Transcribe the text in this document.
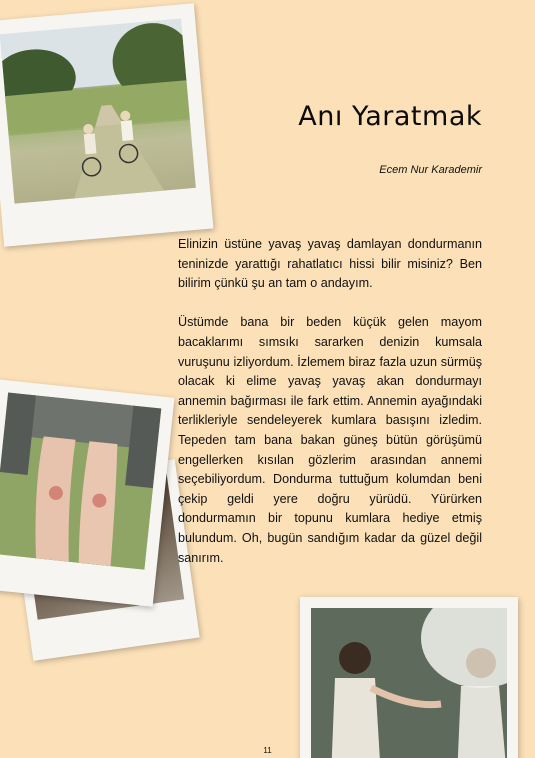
Anı Yaratmak

Ecem Nur Karademir

Elinizin üstüne yavaş yavaş damlayan dondurmanın teninizde yarattığı rahatlatıcı hissi bilir misiniz? Ben bilirim çünkü şu an tam o andayım.

Üstümde bana bir beden küçük gelen mayom bacaklarımı sımsıkı sararken denizin kumsala vuruşunu izliyordum. İzlemem biraz fazla uzun sürmüş olacak ki elime yavaş yavaş akan dondurmayı annemin bağırması ile fark ettim. Annemin ayağındaki terlikleriyle sendeleyerek kumlara basışını izledim. Tepeden tam bana bakan güneş bütün görüşümü engellerken kısılan gözlerim arasından annemi seçebiliyordum. Dondurma tuttuğum kolumdan beni çekip geldi yere doğru yürüdü. Yürürken dondurmamın bir topunu kumlara hediye etmiş bulundum. Oh, bugün sandığım kadar da güzel değil sanırım.

11
